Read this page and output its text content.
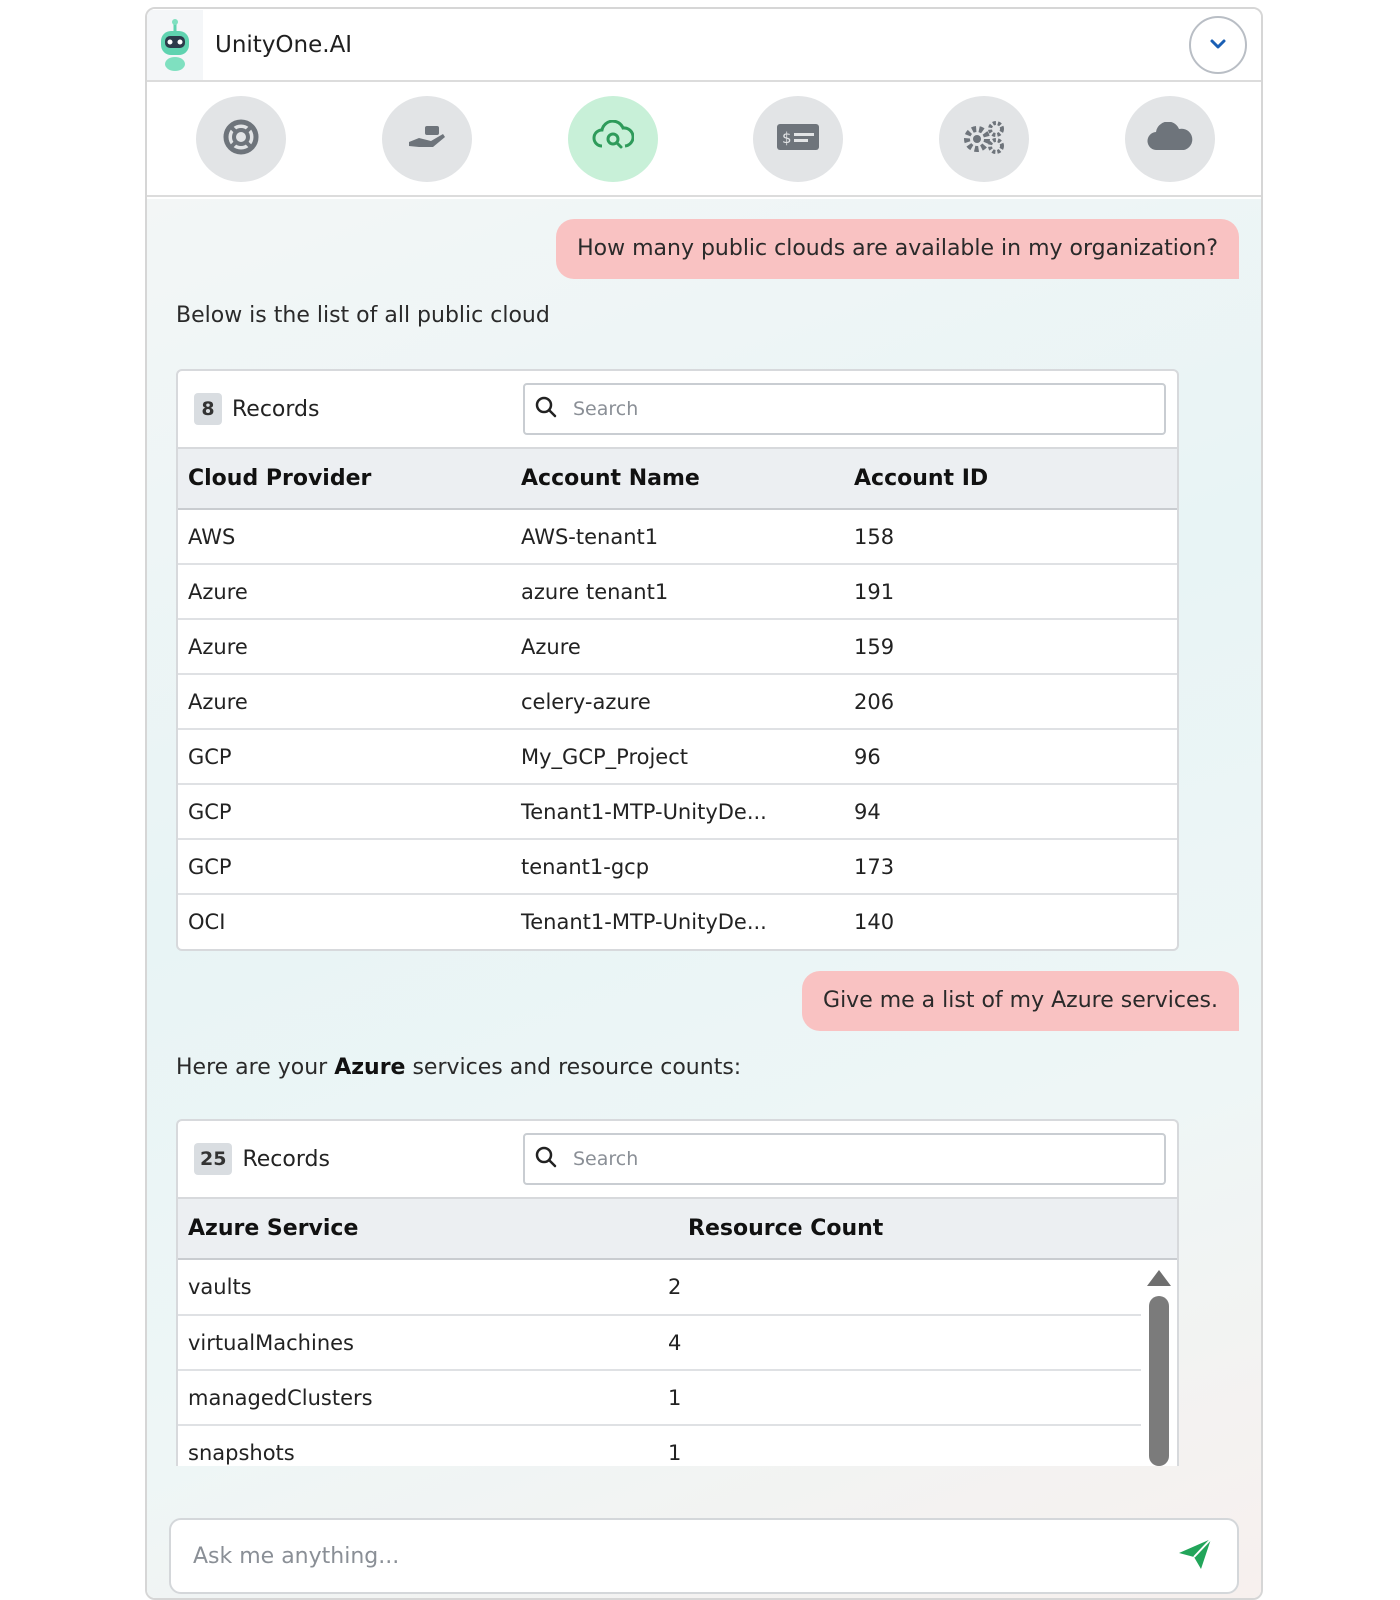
UnityOne.AI
$
How many public clouds are available in my organization?
Below is the list of all public cloud
8 Records	Search
Cloud Provider	Account Name	Account ID
AWS	AWS-tenant1	158
Azure	azure tenant1	191
Azure	Azure	159
Azure	celery-azure	206
GCP	My_GCP_Project	96
GCP	Tenant1-MTP-UnityDe...	94
GCP	tenant1-gcp	173
OCI	Tenant1-MTP-UnityDe...	140
Give me a list of my Azure services.
Here are your Azure services and resource counts:
25 Records	Search
Azure Service	Resource Count
vaults	2
virtualMachines	4
managedClusters	1
snapshots	1
Ask me anything...
